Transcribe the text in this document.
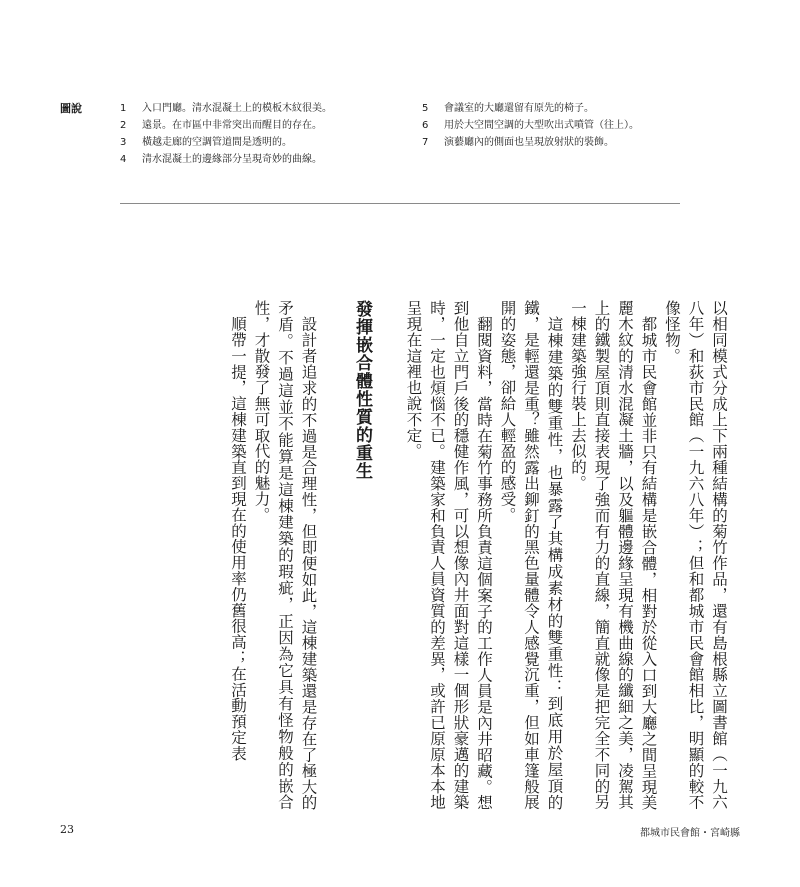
圖說	1	入口門廳。清水混凝土上的模板木紋很美。
2	遠景。在市區中非常突出而醒目的存在。
3	橫越走廊的空調管道間是透明的。
4	清水混凝土的邊緣部分呈現奇妙的曲線。
5	會議室的大廳還留有原先的椅子。
6	用於大空間空調的大型吹出式噴管（往上）。
7	演藝廳內的側面也呈現放射狀的裝飾。

以相同模式分成上下兩種結構的菊竹作品，還有島根縣立圖書館（一九六八年）和荻市民館（一九六八年）；但和都城市民會館相比，明顯的較不像怪物。

都城市民會館並非只有結構是嵌合體，相對於從入口到大廳之間呈現美麗木紋的清水混凝土牆，以及軀體邊緣呈現有機曲線的纖細之美，凌駕其上的鐵製屋頂則直接表現了強而有力的直線，簡直就像是把完全不同的另一棟建築強行裝上去似的。

這棟建築的雙重性，也暴露了其構成素材的雙重性：到底用於屋頂的鐵，是輕還是重？雖然露出鉚釘的黑色量體令人感覺沉重，但如車篷般展開的姿態，卻給人輕盈的感受。

翻閱資料，當時在菊竹事務所負責這個案子的工作人員是內井昭藏。想到他自立門戶後的穩健作風，可以想像內井面對這樣一個形狀豪邁的建築時，一定也煩惱不已。建築家和負責人員資質的差異，或許已原原本本地呈現在這裡也說不定。

發揮嵌合體性質的重生

設計者追求的不過是合理性，但即便如此，這棟建築還是存在了極大的矛盾。不過這並不能算是這棟建築的瑕疵，正因為它具有怪物般的嵌合性，才散發了無可取代的魅力。

順帶一提，這棟建築直到現在的使用率仍舊很高；在活動預定表

23	都城市民會館・宮崎縣
